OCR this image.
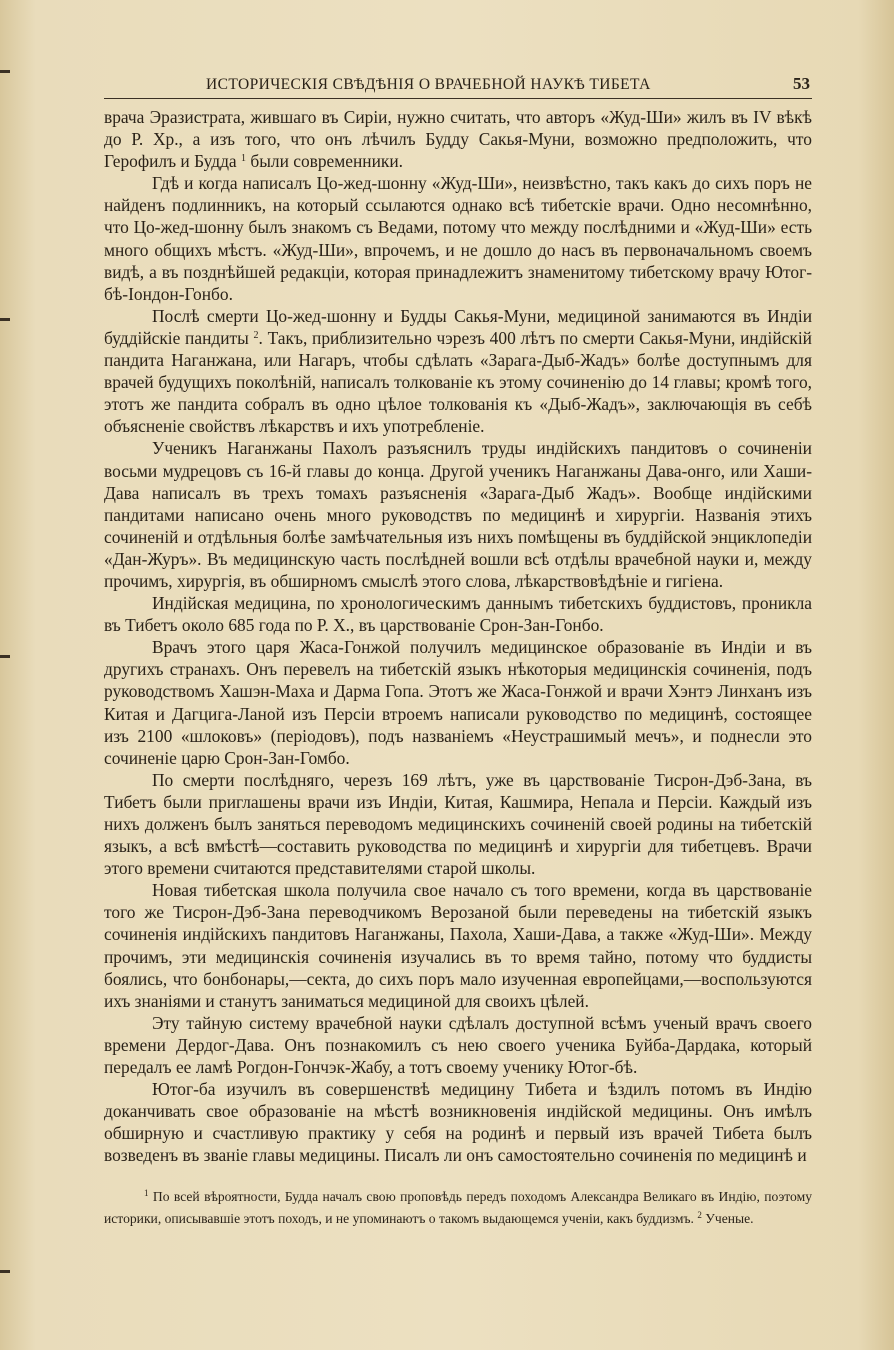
ИСТОРИЧЕСКІЯ СВѢДѢНІЯ О ВРАЧЕБНОЙ НАУКѢ ТИБЕТА	53

врача Эразистрата, жившаго въ Сиріи, нужно считать, что авторъ «Жуд-Ши» жилъ въ IV вѣкѣ до Р. Хр., а изъ того, что онъ лѣчилъ Будду Сакья-Муни, возможно предположить, что Герофилъ и Будда $^1$ были современники.

Гдѣ и когда написалъ Цо-жед-шонну «Жуд-Ши», неизвѣстно, такъ какъ до сихъ поръ не найденъ подлинникъ, на который ссылаются однако всѣ тибетскіе врачи. Одно несомнѣнно, что Цо-жед-шонну былъ знакомъ съ Ведами, потому что между послѣдними и «Жуд-Ши» есть много общихъ мѣстъ. «Жуд-Ши», впрочемъ, и не дошло до насъ въ первоначальномъ своемъ видѣ, а въ позднѣйшей редакціи, которая принадлежитъ знаменитому тибетскому врачу Ютог-бѣ-Іондон-Гонбо.

Послѣ смерти Цо-жед-шонну и Будды Сакья-Муни, медициной занимаются въ Индіи буддійскіе пандиты $^2$. Такъ, приблизительно чэрезъ 400 лѣтъ по смерти Сакья-Муни, индійскій пандита Наганжана, или Нагаръ, чтобы сдѣлать «Зарага-Дыб-Жадъ» болѣе доступнымъ для врачей будущихъ поколѣній, написалъ толкованіе къ этому сочиненію до 14 главы; кромѣ того, этотъ же пандита собралъ въ одно цѣлое толкованія къ «Дыб-Жадъ», заключающія въ себѣ объясненіе свойствъ лѣкарствъ и ихъ употребленіе.

Ученикъ Наганжаны Пахолъ разъяснилъ труды индійскихъ пандитовъ о сочиненіи восьми мудрецовъ съ 16-й главы до конца. Другой ученикъ Наганжаны Дава-онго, или Хаши-Дава написалъ въ трехъ томахъ разъясненія «Зарага-Дыб Жадъ». Вообще индійскими пандитами написано очень много руководствъ по медицинѣ и хирургіи. Названія этихъ сочиненій и отдѣльныя болѣе замѣчательныя изъ нихъ помѣщены въ буддійской энциклопедіи «Дан-Журъ». Въ медицинскую часть послѣдней вошли всѣ отдѣлы врачебной науки и, между прочимъ, хирургія, въ обширномъ смыслѣ этого слова, лѣкарствовѣдѣніе и гигіена.

Индійская медицина, по хронологическимъ даннымъ тибетскихъ буддистовъ, проникла въ Тибетъ около 685 года по Р. Х., въ царствованіе Срон-Зан-Гонбо.

Врачъ этого царя Жаса-Гонжой получилъ медицинское образованіе въ Индіи и въ другихъ странахъ. Онъ перевелъ на тибетскій языкъ нѣкоторыя медицинскія сочиненія, подъ руководствомъ Хашэн-Маха и Дарма Гопа. Этотъ же Жаса-Гонжой и врачи Хэнтэ Линханъ изъ Китая и Дагцига-Ланой изъ Персіи втроемъ написали руководство по медицинѣ, состоящее изъ 2100 «шлоковъ» (періодовъ), подъ названіемъ «Неустрашимый мечъ», и поднесли это сочиненіе царю Срон-Зан-Гомбо.

По смерти послѣдняго, черезъ 169 лѣтъ, уже въ царствованіе Тисрон-Дэб-Зана, въ Тибетъ были приглашены врачи изъ Индіи, Китая, Кашмира, Непала и Персіи. Каждый изъ нихъ долженъ былъ заняться переводомъ медицинскихъ сочиненій своей родины на тибетскій языкъ, а всѣ вмѣстѣ—составить руководства по медицинѣ и хирургіи для тибетцевъ. Врачи этого времени считаются представителями старой школы.

Новая тибетская школа получила свое начало съ того времени, когда въ царствованіе того же Тисрон-Дэб-Зана переводчикомъ Верозаной были переведены на тибетскій языкъ сочиненія индійскихъ пандитовъ Наганжаны, Пахола, Хаши-Дава, а также «Жуд-Ши». Между прочимъ, эти медицинскія сочиненія изучались въ то время тайно, потому что буддисты боялись, что бонбонары,—секта, до сихъ поръ мало изученная европейцами,—воспользуются ихъ знаніями и станутъ заниматься медициной для своихъ цѣлей.

Эту тайную систему врачебной науки сдѣлалъ доступной всѣмъ ученый врачъ своего времени Дердог-Дава. Онъ познакомилъ съ нею своего ученика Буйба-Дардака, который передалъ ее ламѣ Рогдон-Гончэк-Жабу, а тотъ своему ученику Ютог-бѣ.

Ютог-ба изучилъ въ совершенствѣ медицину Тибета и ѣздилъ потомъ въ Индію доканчивать свое образованіе на мѣстѣ возникновенія индійской медицины. Онъ имѣлъ обширную и счастливую практику у себя на родинѣ и первый изъ врачей Тибета былъ возведенъ въ званіе главы медицины. Писалъ ли онъ самостоятельно сочиненія по медицинѣ и

$^1$ По всей вѣроятности, Будда началъ свою проповѣдь передъ походомъ Александра Великаго въ Индію, поэтому историки, описывавшіе этотъ походъ, и не упоминаютъ о такомъ выдающемся ученіи, какъ буддизмъ. $^2$ Ученые.
